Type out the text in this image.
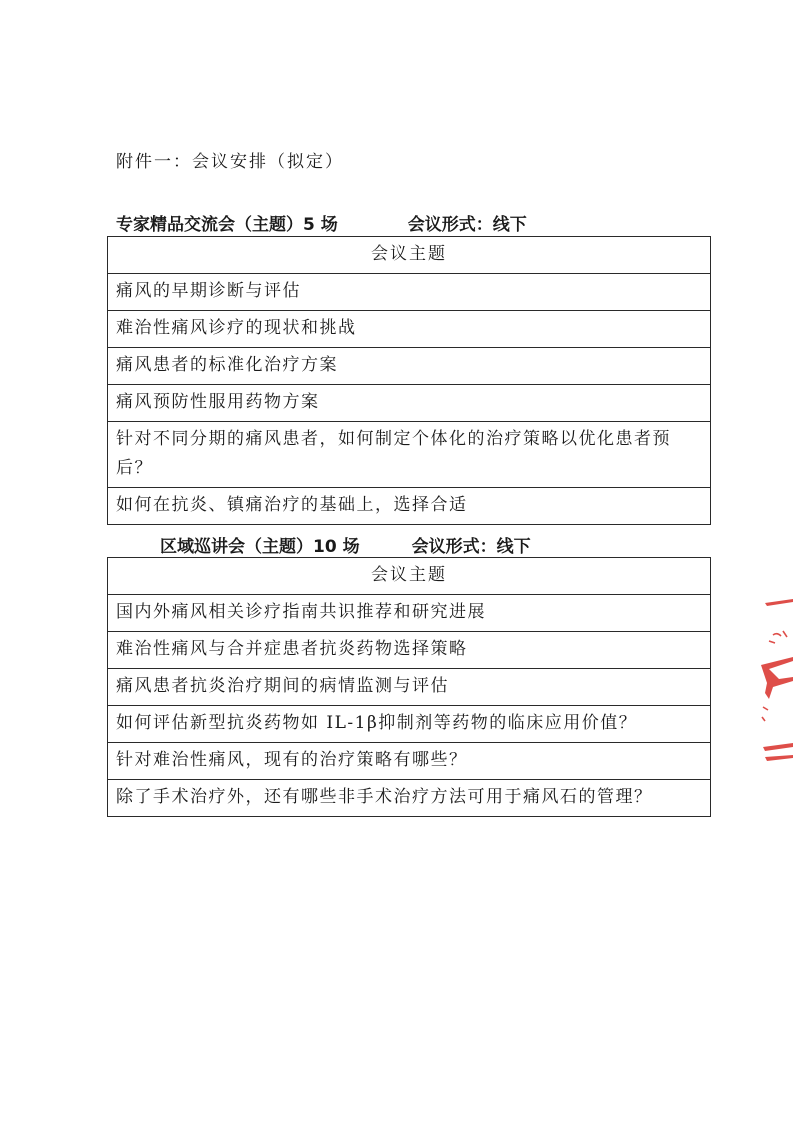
附件一：会议安排（拟定）
专家精品交流会（主题）5 场	会议形式：线下
会议主题
痛风的早期诊断与评估
难治性痛风诊疗的现状和挑战
痛风患者的标准化治疗方案
痛风预防性服用药物方案
针对不同分期的痛风患者，如何制定个体化的治疗策略以优化患者预后？
如何在抗炎、镇痛治疗的基础上，选择合适
区域巡讲会（主题）10 场	会议形式：线下
会议主题
国内外痛风相关诊疗指南共识推荐和研究进展
难治性痛风与合并症患者抗炎药物选择策略
痛风患者抗炎治疗期间的病情监测与评估
如何评估新型抗炎药物如 IL-1β抑制剂等药物的临床应用价值？
针对难治性痛风，现有的治疗策略有哪些？
除了手术治疗外，还有哪些非手术治疗方法可用于痛风石的管理？
